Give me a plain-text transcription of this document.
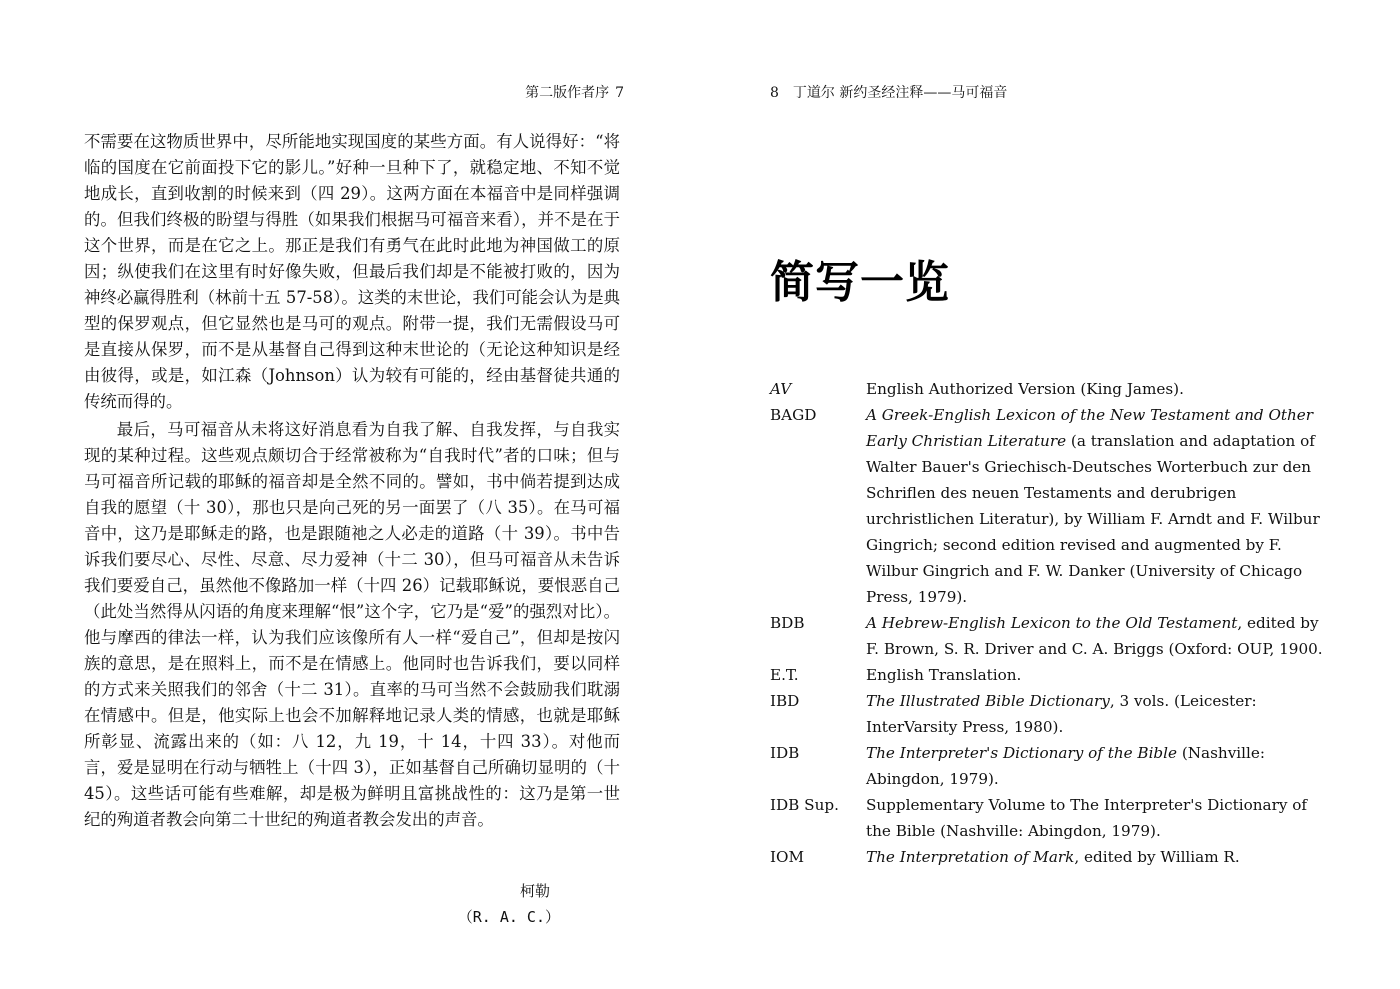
第二版作者序 7

不需要在这物质世界中，尽所能地实现国度的某些方面。有人说得好：“将临的国度在它前面投下它的影儿。”好种一旦种下了，就稳定地、不知不觉地成长，直到收割的时候来到（四 29）。这两方面在本福音中是同样强调的。但我们终极的盼望与得胜（如果我们根据马可福音来看），并不是在于这个世界，而是在它之上。那正是我们有勇气在此时此地为神国做工的原因；纵使我们在这里有时好像失败，但最后我们却是不能被打败的，因为神终必赢得胜利（林前十五 57-58）。这类的末世论，我们可能会认为是典型的保罗观点，但它显然也是马可的观点。附带一提，我们无需假设马可是直接从保罗，而不是从基督自己得到这种末世论的（无论这种知识是经由彼得，或是，如江森（Johnson）认为较有可能的，经由基督徒共通的传统而得的。

最后，马可福音从未将这好消息看为自我了解、自我发挥，与自我实现的某种过程。这些观点颇切合于经常被称为“自我时代”者的口味；但与马可福音所记载的耶稣的福音却是全然不同的。譬如，书中倘若提到达成自我的愿望（十 30），那也只是向己死的另一面罢了（八 35）。在马可福音中，这乃是耶稣走的路，也是跟随祂之人必走的道路（十 39）。书中告诉我们要尽心、尽性、尽意、尽力爱神（十二 30），但马可福音从未告诉我们要爱自己，虽然他不像路加一样（十四 26）记载耶稣说，要恨恶自己（此处当然得从闪语的角度来理解“恨”这个字，它乃是“爱”的强烈对比）。他与摩西的律法一样，认为我们应该像所有人一样“爱自己”，但却是按闪族的意思，是在照料上，而不是在情感上。他同时也告诉我们，要以同样的方式来关照我们的邻舍（十二 31）。直率的马可当然不会鼓励我们耽溺在情感中。但是，他实际上也会不加解释地记录人类的情感，也就是耶稣所彰显、流露出来的（如：八 12，九 19，十 14，十四 33）。对他而言，爱是显明在行动与牺牲上（十四 3），正如基督自己所确切显明的（十 45）。这些话可能有些难解，却是极为鲜明且富挑战性的：这乃是第一世纪的殉道者教会向第二十世纪的殉道者教会发出的声音。

柯勒
（R. A. C.）
8 丁道尔 新约圣经注释——马可福音
简写一览
AV	English Authorized Version (King James).
BAGD	A Greek-English Lexicon of the New Testament and Other Early Christian Literature (a translation and adaptation of Walter Bauer's Griechisch-Deutsches Worterbuch zur den Schriflen des neuen Testaments and derubrigen urchristlichen Literatur), by William F. Arndt and F. Wilbur Gingrich; second edition revised and augmented by F. Wilbur Gingrich and F. W. Danker (University of Chicago Press, 1979).
BDB	A Hebrew-English Lexicon to the Old Testament, edited by F. Brown, S. R. Driver and C. A. Briggs (Oxford: OUP, 1900.
E.T.	English Translation.
IBD	The Illustrated Bible Dictionary, 3 vols. (Leicester: InterVarsity Press, 1980).
IDB	The Interpreter's Dictionary of the Bible (Nashville: Abingdon, 1979).
IDB Sup.	Supplementary Volume to The Interpreter's Dictionary of the Bible (Nashville: Abingdon, 1979).
IOM	The Interpretation of Mark, edited by William R.
